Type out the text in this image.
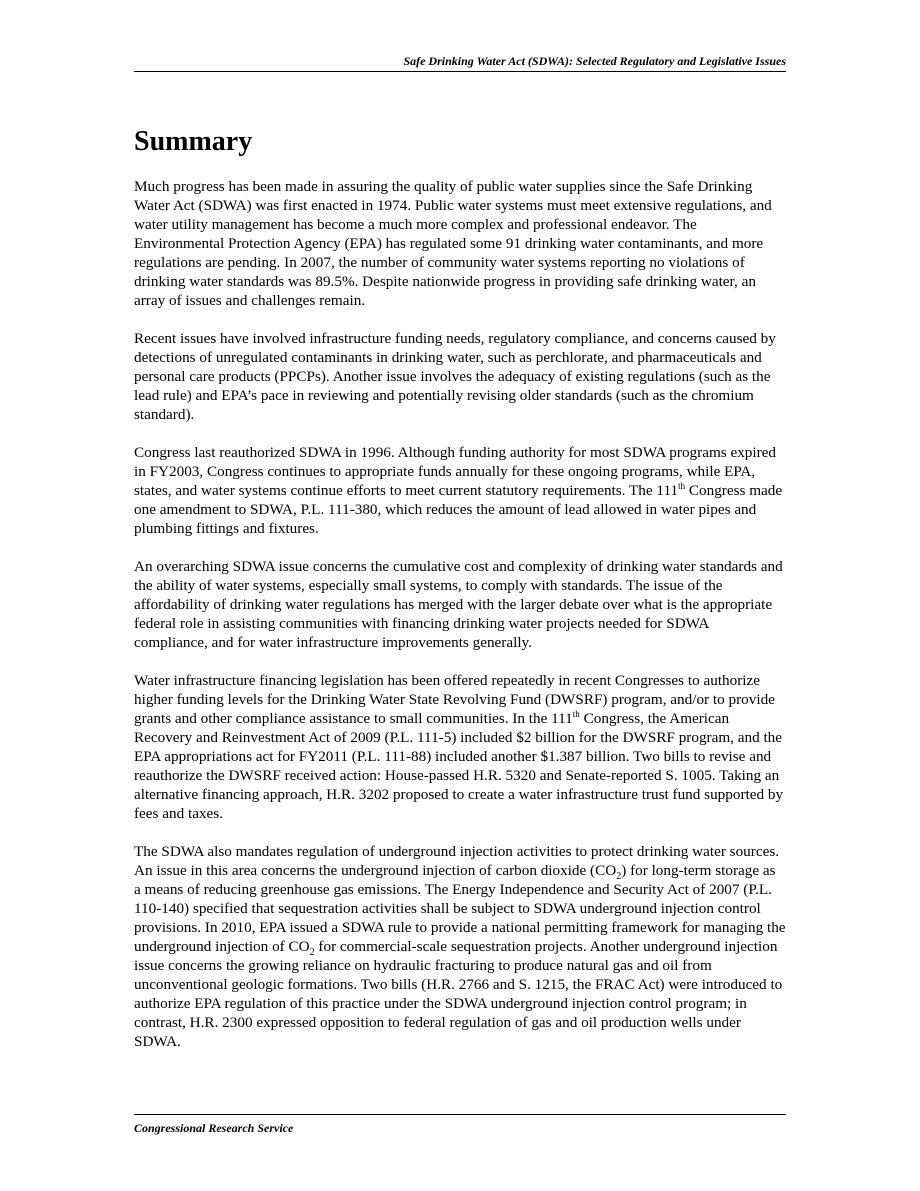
Safe Drinking Water Act (SDWA): Selected Regulatory and Legislative Issues
Summary

Much progress has been made in assuring the quality of public water supplies since the Safe Drinking Water Act (SDWA) was first enacted in 1974. Public water systems must meet extensive regulations, and water utility management has become a much more complex and professional endeavor. The Environmental Protection Agency (EPA) has regulated some 91 drinking water contaminants, and more regulations are pending. In 2007, the number of community water systems reporting no violations of drinking water standards was 89.5%. Despite nationwide progress in providing safe drinking water, an array of issues and challenges remain.

Recent issues have involved infrastructure funding needs, regulatory compliance, and concerns caused by detections of unregulated contaminants in drinking water, such as perchlorate, and pharmaceuticals and personal care products (PPCPs). Another issue involves the adequacy of existing regulations (such as the lead rule) and EPA’s pace in reviewing and potentially revising older standards (such as the chromium standard).

Congress last reauthorized SDWA in 1996. Although funding authority for most SDWA programs expired in FY2003, Congress continues to appropriate funds annually for these ongoing programs, while EPA, states, and water systems continue efforts to meet current statutory requirements. The 111th Congress made one amendment to SDWA, P.L. 111-380, which reduces the amount of lead allowed in water pipes and plumbing fittings and fixtures.

An overarching SDWA issue concerns the cumulative cost and complexity of drinking water standards and the ability of water systems, especially small systems, to comply with standards. The issue of the affordability of drinking water regulations has merged with the larger debate over what is the appropriate federal role in assisting communities with financing drinking water projects needed for SDWA compliance, and for water infrastructure improvements generally.

Water infrastructure financing legislation has been offered repeatedly in recent Congresses to authorize higher funding levels for the Drinking Water State Revolving Fund (DWSRF) program, and/or to provide grants and other compliance assistance to small communities. In the 111th Congress, the American Recovery and Reinvestment Act of 2009 (P.L. 111-5) included $2 billion for the DWSRF program, and the EPA appropriations act for FY2011 (P.L. 111-88) included another $1.387 billion. Two bills to revise and reauthorize the DWSRF received action: House-passed H.R. 5320 and Senate-reported S. 1005. Taking an alternative financing approach, H.R. 3202 proposed to create a water infrastructure trust fund supported by fees and taxes.

The SDWA also mandates regulation of underground injection activities to protect drinking water sources. An issue in this area concerns the underground injection of carbon dioxide $(CO_2)$ for long-term storage as a means of reducing greenhouse gas emissions. The Energy Independence and Security Act of 2007 (P.L. 110-140) specified that sequestration activities shall be subject to SDWA underground injection control provisions. In 2010, EPA issued a SDWA rule to provide a national permitting framework for managing the underground injection of $CO_2$ for commercial-scale sequestration projects. Another underground injection issue concerns the growing reliance on hydraulic fracturing to produce natural gas and oil from unconventional geologic formations. Two bills (H.R. 2766 and S. 1215, the FRAC Act) were introduced to authorize EPA regulation of this practice under the SDWA underground injection control program; in contrast, H.R. 2300 expressed opposition to federal regulation of gas and oil production wells under SDWA.

Congressional Research Service
